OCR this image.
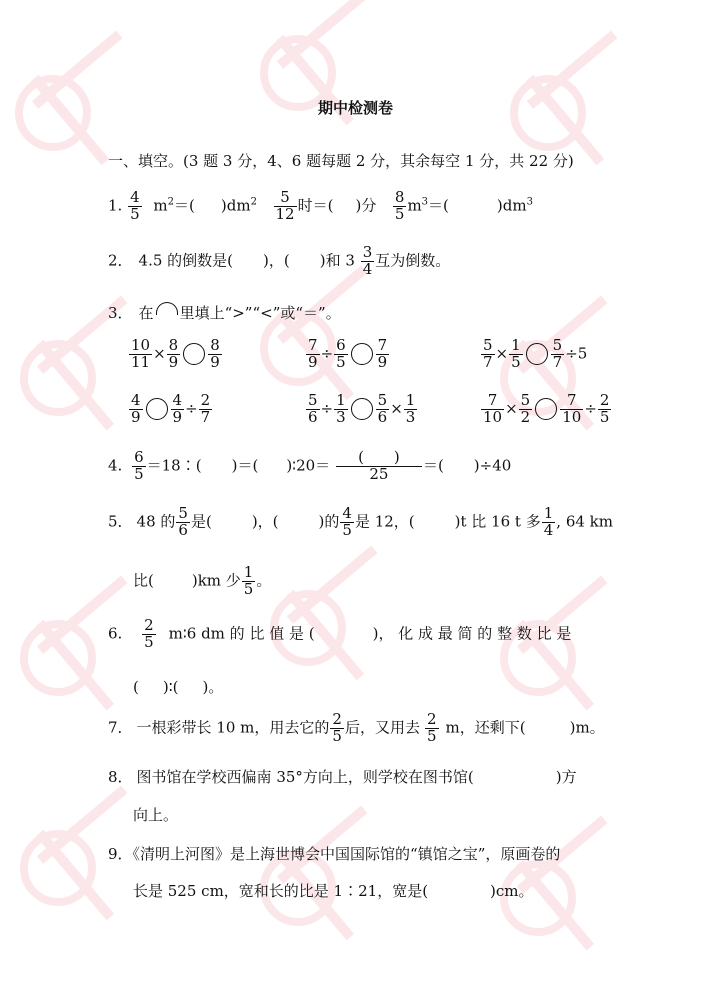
期中检测卷
一、填空。(3 题 3 分，4、6 题每题 2 分，其余每空 1 分，共 22 分)
1. $\frac{4}{5} m^2=$( )$dm^2 \frac{5}{12}$ 时＝( )分 $\frac{8}{5} m^3=$(	)$dm^3$
2． 4.5 的倒数是( )，( )和 $3 \frac{3}{4}$ 互为倒数。
3． 在 里填上“>”“<”或“＝”。
$\frac{10}{11} \times \frac{8}{9} \frac{8}{9}$	$\frac{7}{9} \div \frac{6}{5} \frac{7}{9}$	$\frac{5}{7} \times \frac{1}{5} \frac{5}{7} \div 5$
$\frac{4}{9} \frac{4}{9} \div \frac{2}{7}$	$\frac{5}{6} \div \frac{1}{3} \frac{5}{6} \times \frac{1}{3}$	$\frac{7}{10} \times \frac{5}{2} \frac{7}{10} \div \frac{2}{5}$
4. $\frac{6}{5}$ ＝18∶( )＝( )∶20＝ $\frac{( )}{25}$ ＝( )÷40
5． 48 的 $\frac{5}{6}$ 是(	)，(	)的 $\frac{4}{5}$ 是 12，(	)t 比 16 t 多 $\frac{1}{4}$ , 64 km
比(	)km 少 $\frac{1}{5}$ 。
6. $\frac{2}{5}$ m∶6 dm 的 比 值 是 (	)， 化 成 最 简 的 整 数 比 是
( )∶( )。
7． 一根彩带长 10 m，用去它的 $\frac{2}{5}$ 后，又用去 $\frac{2}{5}$ m，还剩下(	)m。
8． 图书馆在学校西偏南 35°方向上，则学校在图书馆(	)方
向上。
9．《清明上河图》是上海世博会中国国际馆的“镇馆之宝”，原画卷的
长是 525 cm，宽和长的比是 1∶21，宽是(	)cm。
